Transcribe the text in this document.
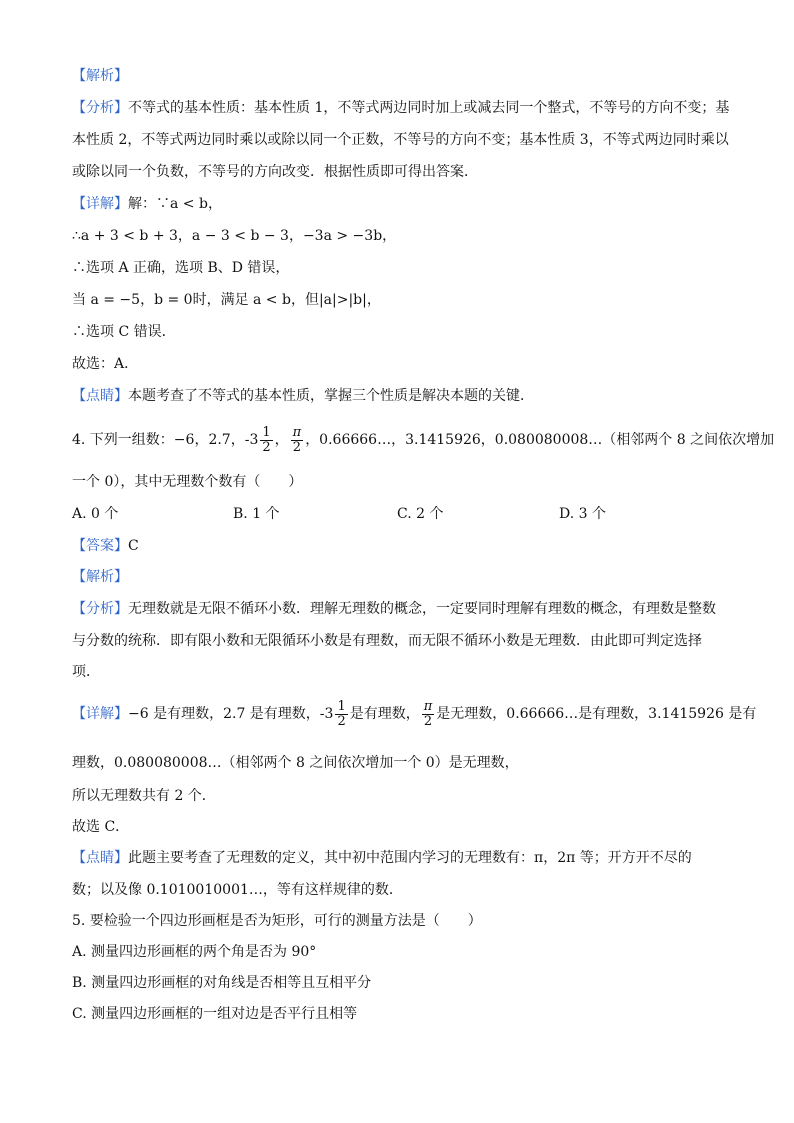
【解析】
【分析】不等式的基本性质：基本性质 1，不等式两边同时加上或减去同一个整式，不等号的方向不变；基
本性质 2，不等式两边同时乘以或除以同一个正数，不等号的方向不变；基本性质 3，不等式两边同时乘以
或除以同一个负数，不等号的方向改变．根据性质即可得出答案．
【详解】解：∵a < b，
∴a + 3 < b + 3，a − 3 < b − 3，−3a > −3b，
∴选项 A 正确，选项 B、D 错误，
当 a = −5，b = 0时，满足 a < b，但|a|>|b|，
∴选项 C 错误．
故选：A．
【点睛】本题考查了不等式的基本性质，掌握三个性质是解决本题的关键．
4. 下列一组数：−6，2.7，$-3 \frac{1}{2}$ ， $\frac{\pi}{2}$ ，0.66666…，3.1415926，0.080080008…（相邻两个 8 之间依次增加
一个 0），其中无理数个数有（　　）
A. 0 个	B. 1 个	C. 2 个	D. 3 个
【答案】C
【解析】
【分析】无理数就是无限不循环小数．理解无理数的概念，一定要同时理解有理数的概念，有理数是整数
与分数的统称．即有限小数和无限循环小数是有理数，而无限不循环小数是无理数．由此即可判定选择
项．
【详解】−6 是有理数，2.7 是有理数，$-3 \frac{1}{2}$ 是有理数， $\frac{\pi}{2}$ 是无理数，0.66666…是有理数，3.1415926 是有
理数，0.080080008…（相邻两个 8 之间依次增加一个 0）是无理数，
所以无理数共有 2 个．
故选 C．
【点睛】此题主要考查了无理数的定义，其中初中范围内学习的无理数有：π，2π 等；开方开不尽的
数；以及像 0.1010010001…，等有这样规律的数．
5. 要检验一个四边形画框是否为矩形，可行的测量方法是（　　）
A. 测量四边形画框的两个角是否为 90°
B. 测量四边形画框的对角线是否相等且互相平分
C. 测量四边形画框的一组对边是否平行且相等
